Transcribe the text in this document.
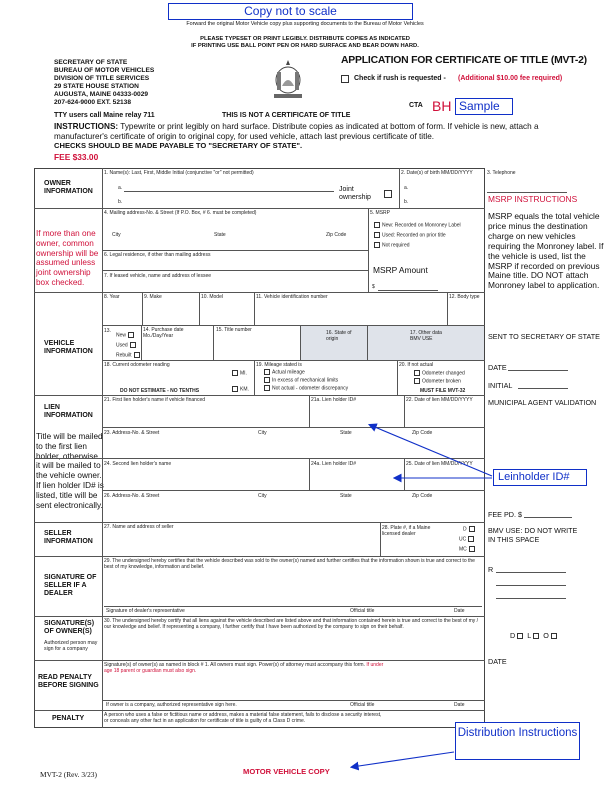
Copy not to scale
Forward the original Motor Vehicle copy plus supporting documents to the Bureau of Motor Vehicles
PLEASE TYPESET OR PRINT LEGIBLY. DISTRIBUTE COPIES AS INDICATED
IF PRINTING USE BALL POINT PEN OR HARD SURFACE AND BEAR DOWN HARD.
SECRETARY OF STATE
BUREAU OF MOTOR VEHICLES
DIVISION OF TITLE SERVICES
29 STATE HOUSE STATION
AUGUSTA, MAINE 04333-0029
207-624-9000 EXT. 52138
TTY users call Maine relay 711
APPLICATION FOR CERTIFICATE OF TITLE (MVT-2)
Check if rush is requested - (Additional $10.00 fee required)
CTA BH Sample
THIS IS NOT A CERTIFICATE OF TITLE
INSTRUCTIONS: Typewrite or print legibly on hard surface. Distribute copies as indicated at bottom of form. If vehicle is new, attach a manufacturer's certificate of origin to original copy, for used vehicle, attach last previous certificate of title.
CHECKS SHOULD BE MADE PAYABLE TO "SECRETARY OF STATE".
FEE $33.00
If more than one owner, common ownership will be assumed unless joint ownership box checked.
Title will be mailed to the first lien holder, otherwise it will be mailed to the vehicle owner. If lien holder ID# is listed, title will be sent electronically.
OWNER INFORMATION
1. Name(s): Last, First, Middle Initial (conjunctive "or" not permitted)
a.
b.
Joint ownership
2. Date(s) of birth MM/DD/YYYY
a.
b.
3. Telephone
4. Mailing address-No. & Street (If P.O. Box, # 6. must be completed)
City	State	Zip Code
6. Legal residence, if other than mailing address
7. If leased vehicle, name and address of lessee
5. MSRP
New: Recorded on Monroney Label
Used: Recorded on prior title
Not required
MSRP Amount
$
VEHICLE INFORMATION
8. Year	9. Make	10. Model	11. Vehicle identification number	12. Body type
13.
New
Used
Rebuilt
14. Purchase date Mo./Day/Year
15. Title number	16. State of origin
17. Other data BMV USE
18. Current odometer reading
MI.
KM.
DO NOT ESTIMATE - NO TENTHS
19. Mileage stated is
Actual mileage
In excess of mechanical limits
Not actual - odometer discrepancy
20. If not actual
Odometer changed
Odometer broken
MUST FILE MVT-32
LIEN INFORMATION
21. First lien holder's name if vehicle financed	21a. Lien holder ID#	22. Date of lien MM/DD/YYYY
23. Address-No. & Street	City	State	Zip Code
24. Second lien holder's name	24a. Lien holder ID#	25. Date of lien MM/DD/YYYY
26. Address-No. & Street	City	State	Zip Code
SELLER INFORMATION
27. Name and address of seller	28. Plate #, if a Maine licensed dealer
D
UC
MC
SIGNATURE OF SELLER IF A DEALER
29. The undersigned hereby certifies that the vehicle described was sold to the owner(s) named and further certifies that the information shown is true and correct to the best of my knowledge, information and belief.
Signature of dealer's representative	Official title	Date
SIGNATURE(S) OF OWNER(S)
Authorized person may sign for a company
30. The undersigned hereby certify that all liens against the vehicle described are listed above and that information contained herein is true and correct to the best of my / our knowledge and belief. If representing a company, I further certify that I have been authorized by the company to sign on their behalf.
READ PENALTY BEFORE SIGNING
Signature(s) of owner(s) as named in block # 1. All owners must sign. Power(s) of attorney must accompany this form. If under age 18 parent or guardian must also sign.
If owner is a company, authorized representative sign here.	Official title	Date
PENALTY	A person who uses a false or fictitious name or address, makes a material false statement, fails to disclose a security interest, or conceals any other fact in an application for certificate of title is guilty of a Class D crime.
MSRP INSTRUCTIONS
MSRP equals the total vehicle price minus the destination charge on new vehicles requiring the Monroney label. If the vehicle is used, list the MSRP if recorded on previous Maine title. DO NOT attach Monroney label to application.
SENT TO SECRETARY OF STATE
DATE
INITIAL
MUNICIPAL AGENT VALIDATION
FEE PD. $
BMV USE: DO NOT WRITE IN THIS SPACE
R
D L O
DATE
Leinholder ID#
Distribution Instructions
MVT-2 (Rev. 3/23)	MOTOR VEHICLE COPY
